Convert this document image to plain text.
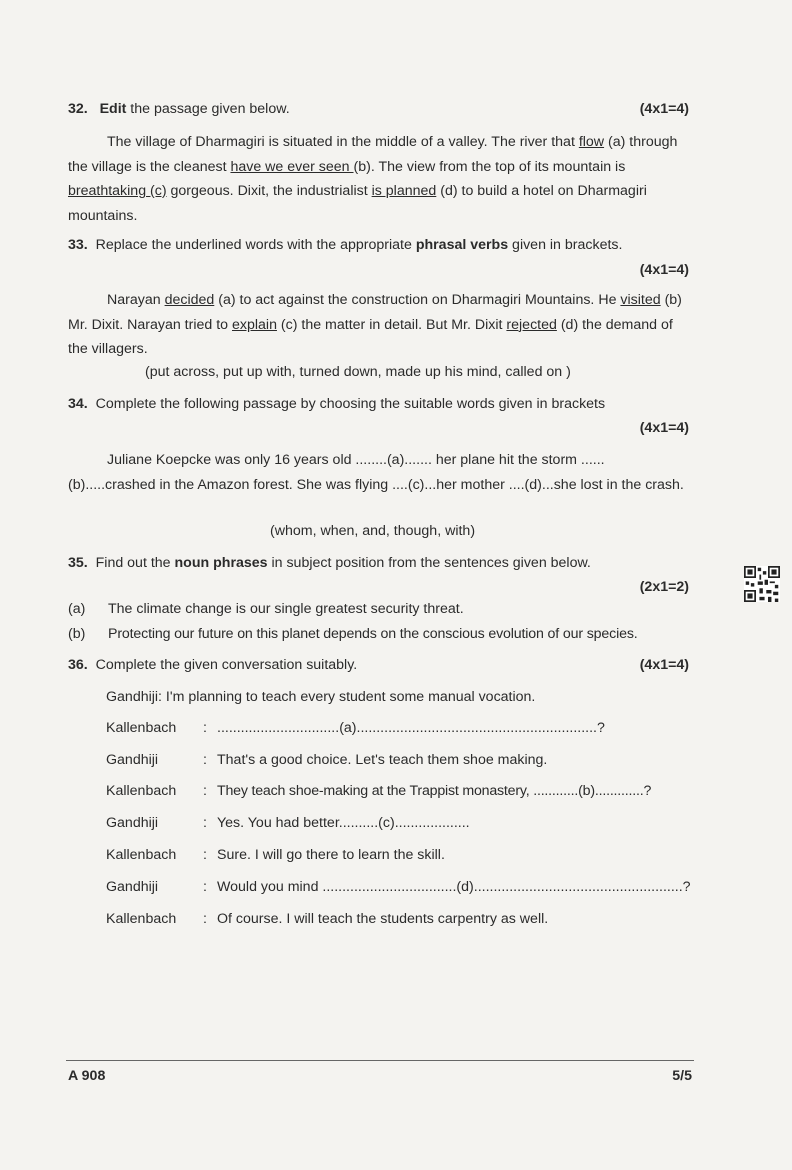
32. Edit the passage given below.	(4x1=4)
The village of Dharmagiri is situated in the middle of a valley. The river that flow (a) through the village is the cleanest have we ever seen (b). The view from the top of its mountain is breathtaking (c) gorgeous. Dixit, the industrialist is planned (d) to build a hotel on Dharmagiri mountains.
33. Replace the underlined words with the appropriate phrasal verbs given in brackets.
(4x1=4)
Narayan decided (a) to act against the construction on Dharmagiri Mountains. He visited (b) Mr. Dixit. Narayan tried to explain (c) the matter in detail. But Mr. Dixit rejected (d) the demand of the villagers.
(put across, put up with, turned down, made up his mind, called on )
34. Complete the following passage by choosing the suitable words given in brackets
(4x1=4)
Juliane Koepcke was only 16 years old ........(a)....... her plane hit the storm ......(b).....crashed in the Amazon forest. She was flying ....(c)...her mother ....(d)...she lost in the crash.
(whom, when, and, though, with)
35. Find out the noun phrases in subject position from the sentences given below.
(2x1=2)
(a) The climate change is our single greatest security threat.
(b) Protecting our future on this planet depends on the conscious evolution of our species.
36. Complete the given conversation suitably.	(4x1=4)
Gandhiji: I'm planning to teach every student some manual vocation.
Kallenbach	: ...............................(a).............................................................?
Gandhiji	: That's a good choice. Let's teach them shoe making.
Kallenbach	: They teach shoe-making at the Trappist monastery, ............(b).............?
Gandhiji	: Yes. You had better..........(c)...................
Kallenbach	: Sure. I will go there to learn the skill.
Gandhiji	: Would you mind ..................................(d).....................................................?
Kallenbach	: Of course. I will teach the students carpentry as well.
A 908	5/5
